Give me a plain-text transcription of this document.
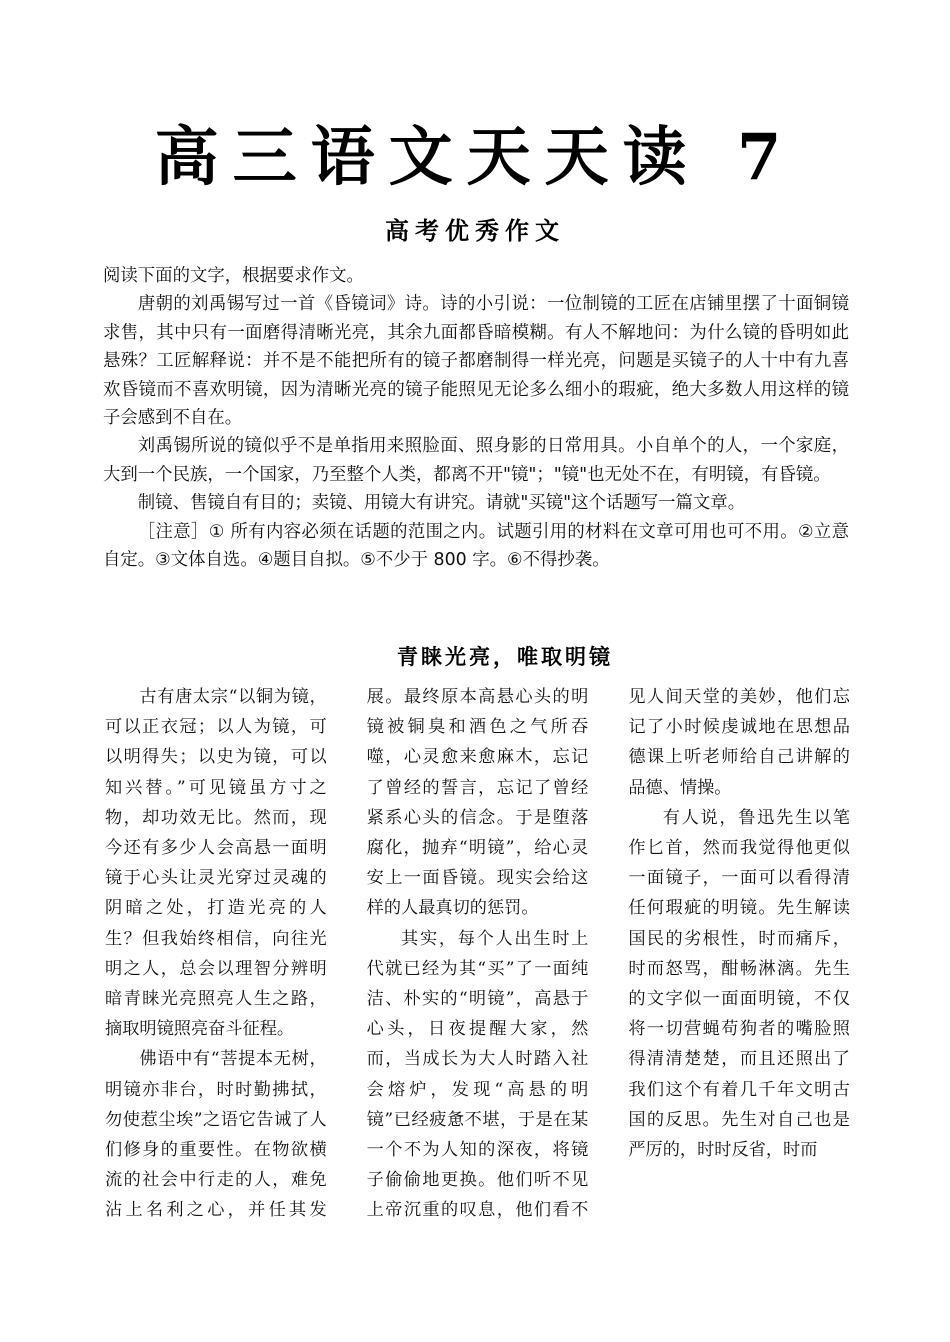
高三语文天天读 7
高考优秀作文

阅读下面的文字，根据要求作文。

唐朝的刘禹锡写过一首《昏镜词》诗。诗的小引说：一位制镜的工匠在店铺里摆了十面铜镜求售，其中只有一面磨得清晰光亮，其余九面都昏暗模糊。有人不解地问：为什么镜的昏明如此悬殊？工匠解释说：并不是不能把所有的镜子都磨制得一样光亮，问题是买镜子的人十中有九喜欢昏镜而不喜欢明镜，因为清晰光亮的镜子能照见无论多么细小的瑕疵，绝大多数人用这样的镜子会感到不自在。

刘禹锡所说的镜似乎不是单指用来照脸面、照身影的日常用具。小自单个的人，一个家庭，大到一个民族，一个国家，乃至整个人类，都离不开"镜"；"镜"也无处不在，有明镜，有昏镜。

制镜、售镜自有目的；卖镜、用镜大有讲究。请就"买镜"这个话题写一篇文章。

［注意］① 所有内容必须在话题的范围之内。试题引用的材料在文章可用也可不用。②立意自定。③文体自选。④题目自拟。⑤不少于 800 字。⑥不得抄袭。

青睐光亮，唯取明镜

古有唐太宗“以铜为镜，可以正衣冠；以人为镜，可以明得失；以史为镜，可以知兴替。”可见镜虽方寸之物，却功效无比。然而，现今还有多少人会高悬一面明镜于心头让灵光穿过灵魂的阴暗之处，打造光亮的人生？但我始终相信，向往光明之人，总会以理智分辨明暗青睐光亮照亮人生之路，摘取明镜照亮奋斗征程。

佛语中有“菩提本无树，明镜亦非台，时时勤拂拭，勿使惹尘埃”之语它告诫了人们修身的重要性。在物欲横流的社会中行走的人，难免沾上名利之心，并任其发展。最终原本高悬心头的明镜被铜臭和酒色之气所吞噬，心灵愈来愈麻木，忘记了曾经的誓言，忘记了曾经紧系心头的信念。于是堕落腐化，抛弃“明镜”，给心灵安上一面昏镜。现实会给这样的人最真切的惩罚。

其实，每个人出生时上代就已经为其“买”了一面纯洁、朴实的“明镜”，高悬于心头，日夜提醒大家，然而，当成长为大人时踏入社会熔炉，发现“高悬的明镜”已经疲惫不堪，于是在某一个不为人知的深夜，将镜子偷偷地更换。他们听不见上帝沉重的叹息，他们看不见人间天堂的美妙，他们忘记了小时候虔诚地在思想品德课上听老师给自己讲解的品德、情操。

有人说，鲁迅先生以笔作匕首，然而我觉得他更似一面镜子，一面可以看得清任何瑕疵的明镜。先生解读国民的劣根性，时而痛斥，时而怒骂，酣畅淋漓。先生的文字似一面面明镜，不仅将一切营蝇苟狗者的嘴脸照得清清楚楚，而且还照出了我们这个有着几千年文明古国的反思。先生对自己也是严厉的，时时反省，时而
